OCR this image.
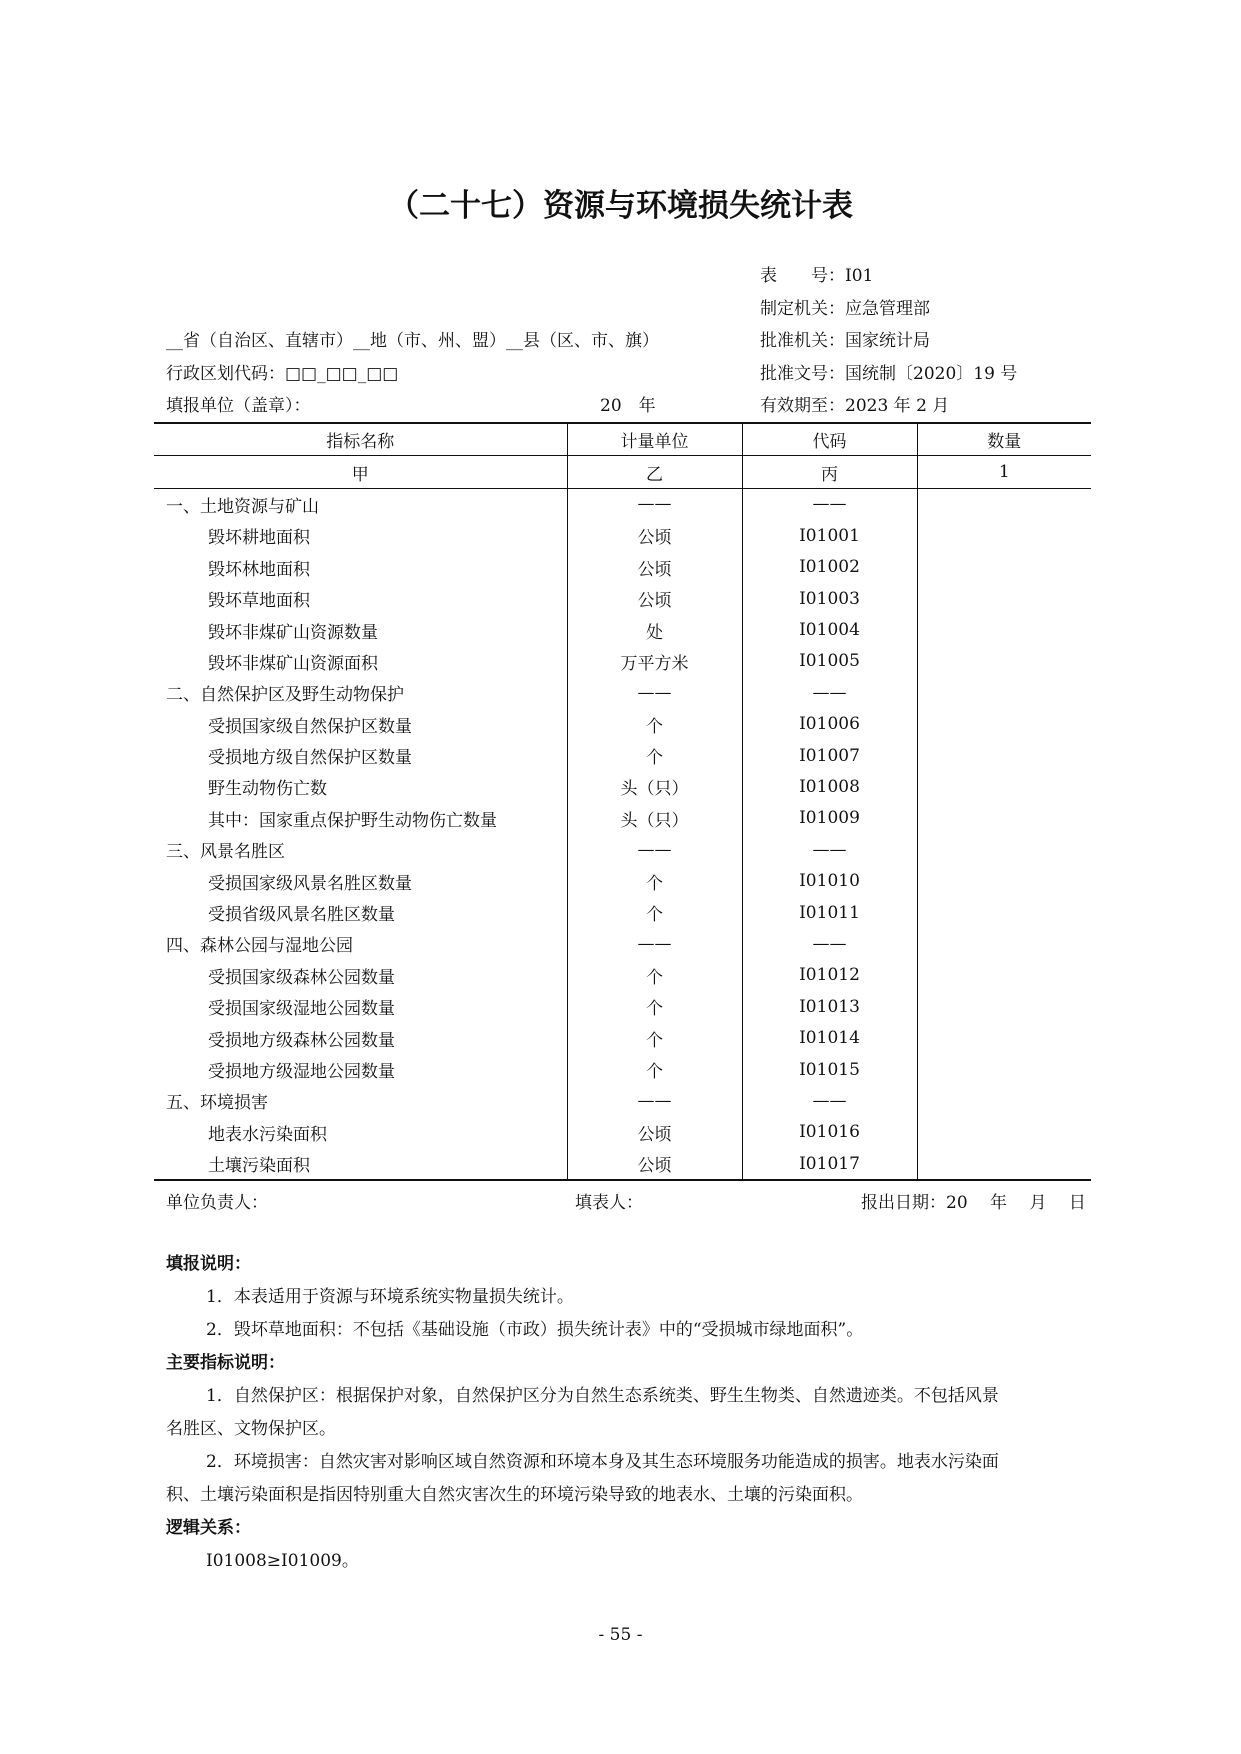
（二十七）资源与环境损失统计表
表　　号：I01
制定机关：应急管理部
批准机关：国家统计局
批准文号：国统制〔2020〕19 号
有效期至：2023 年 2 月
__省（自治区、直辖市）__地（市、州、盟）__县（区、市、旗）
行政区划代码：□□_□□_□□
填报单位（盖章）：	20　年
指标名称	计量单位	代码	数量
甲	乙	丙	1
一、土地资源与矿山	——	——	
毁坏耕地面积	公顷	I01001	
毁坏林地面积	公顷	I01002	
毁坏草地面积	公顷	I01003	
毁坏非煤矿山资源数量	处	I01004	
毁坏非煤矿山资源面积	万平方米	I01005	
二、自然保护区及野生动物保护	——	——	
受损国家级自然保护区数量	个	I01006	
受损地方级自然保护区数量	个	I01007	
野生动物伤亡数	头（只）	I01008	
其中：国家重点保护野生动物伤亡数量	头（只）	I01009	
三、风景名胜区	——	——	
受损国家级风景名胜区数量	个	I01010	
受损省级风景名胜区数量	个	I01011	
四、森林公园与湿地公园	——	——	
受损国家级森林公园数量	个	I01012	
受损国家级湿地公园数量	个	I01013	
受损地方级森林公园数量	个	I01014	
受损地方级湿地公园数量	个	I01015	
五、环境损害	——	——	
地表水污染面积	公顷	I01016	
土壤污染面积	公顷	I01017	
单位负责人：	填表人：	报出日期：20　 年　 月　 日
填报说明：
1．本表适用于资源与环境系统实物量损失统计。
2．毁坏草地面积：不包括《基础设施（市政）损失统计表》中的“受损城市绿地面积”。
主要指标说明：
1．自然保护区：根据保护对象，自然保护区分为自然生态系统类、野生生物类、自然遗迹类。不包括风景
名胜区、文物保护区。
2．环境损害：自然灾害对影响区域自然资源和环境本身及其生态环境服务功能造成的损害。地表水污染面
积、土壤污染面积是指因特别重大自然灾害次生的环境污染导致的地表水、土壤的污染面积。
逻辑关系：
I01008≥I01009。
- 55 -
